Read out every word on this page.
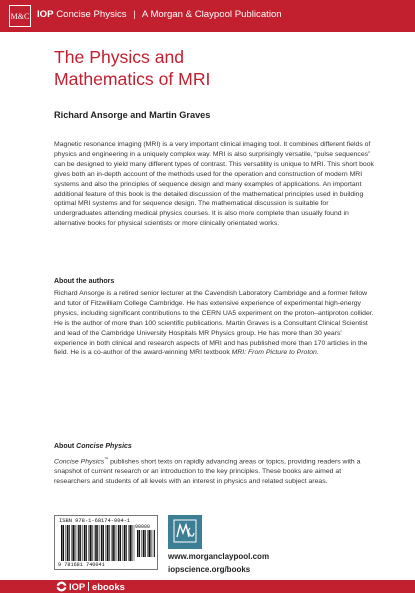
M&C IOP Concise Physics | A Morgan & Claypool Publication
The Physics and
Mathematics of MRI
Richard Ansorge and Martin Graves

Magnetic resonance imaging (MRI) is a very important clinical imaging tool. It combines different fields of physics and engineering in a uniquely complex way. MRI is also surprisingly versatile, “pulse sequences” can be designed to yield many different types of contrast. This versatility is unique to MRI. This short book gives both an in-depth account of the methods used for the operation and construction of modern MRI systems and also the principles of sequence design and many examples of applications. An important additional feature of this book is the detailed discussion of the mathematical principles used in building optimal MRI systems and for sequence design. The mathematical discussion is suitable for undergraduates attending medical physics courses. It is also more complete than usually found in alternative books for physical scientists or more clinically orientated works.

About the authors

Richard Ansorge is a retired senior lecturer at the Cavendish Laboratory Cambridge and a former fellow and tutor of Fitzwilliam College Cambridge. He has extensive experience of experimental high-energy physics, including significant contributions to the CERN UA5 experiment on the proton–antiproton collider. He is the author of more than 100 scientific publications. Martin Graves is a Consultant Clinical Scientist and lead of the Cambridge University Hospitals MR Physics group. He has more than 30 years' experience in both clinical and research aspects of MRI and has published more than 170 articles in the field. He is a co-author of the award-winning MRI textbook MRI: From Picture to Proton.

About Concise Physics

Concise Physics™ publishes short texts on rapidly advancing areas or topics, providing readers with a snapshot of current research or an introduction to the key principles. These books are aimed at researchers and students of all levels with an interest in physics and related subject areas.

ISBN 978-1-68174-004-1
90000
9 781681 740041
www.morganclaypool.com
iopscience.org/books
IOP ebooks
